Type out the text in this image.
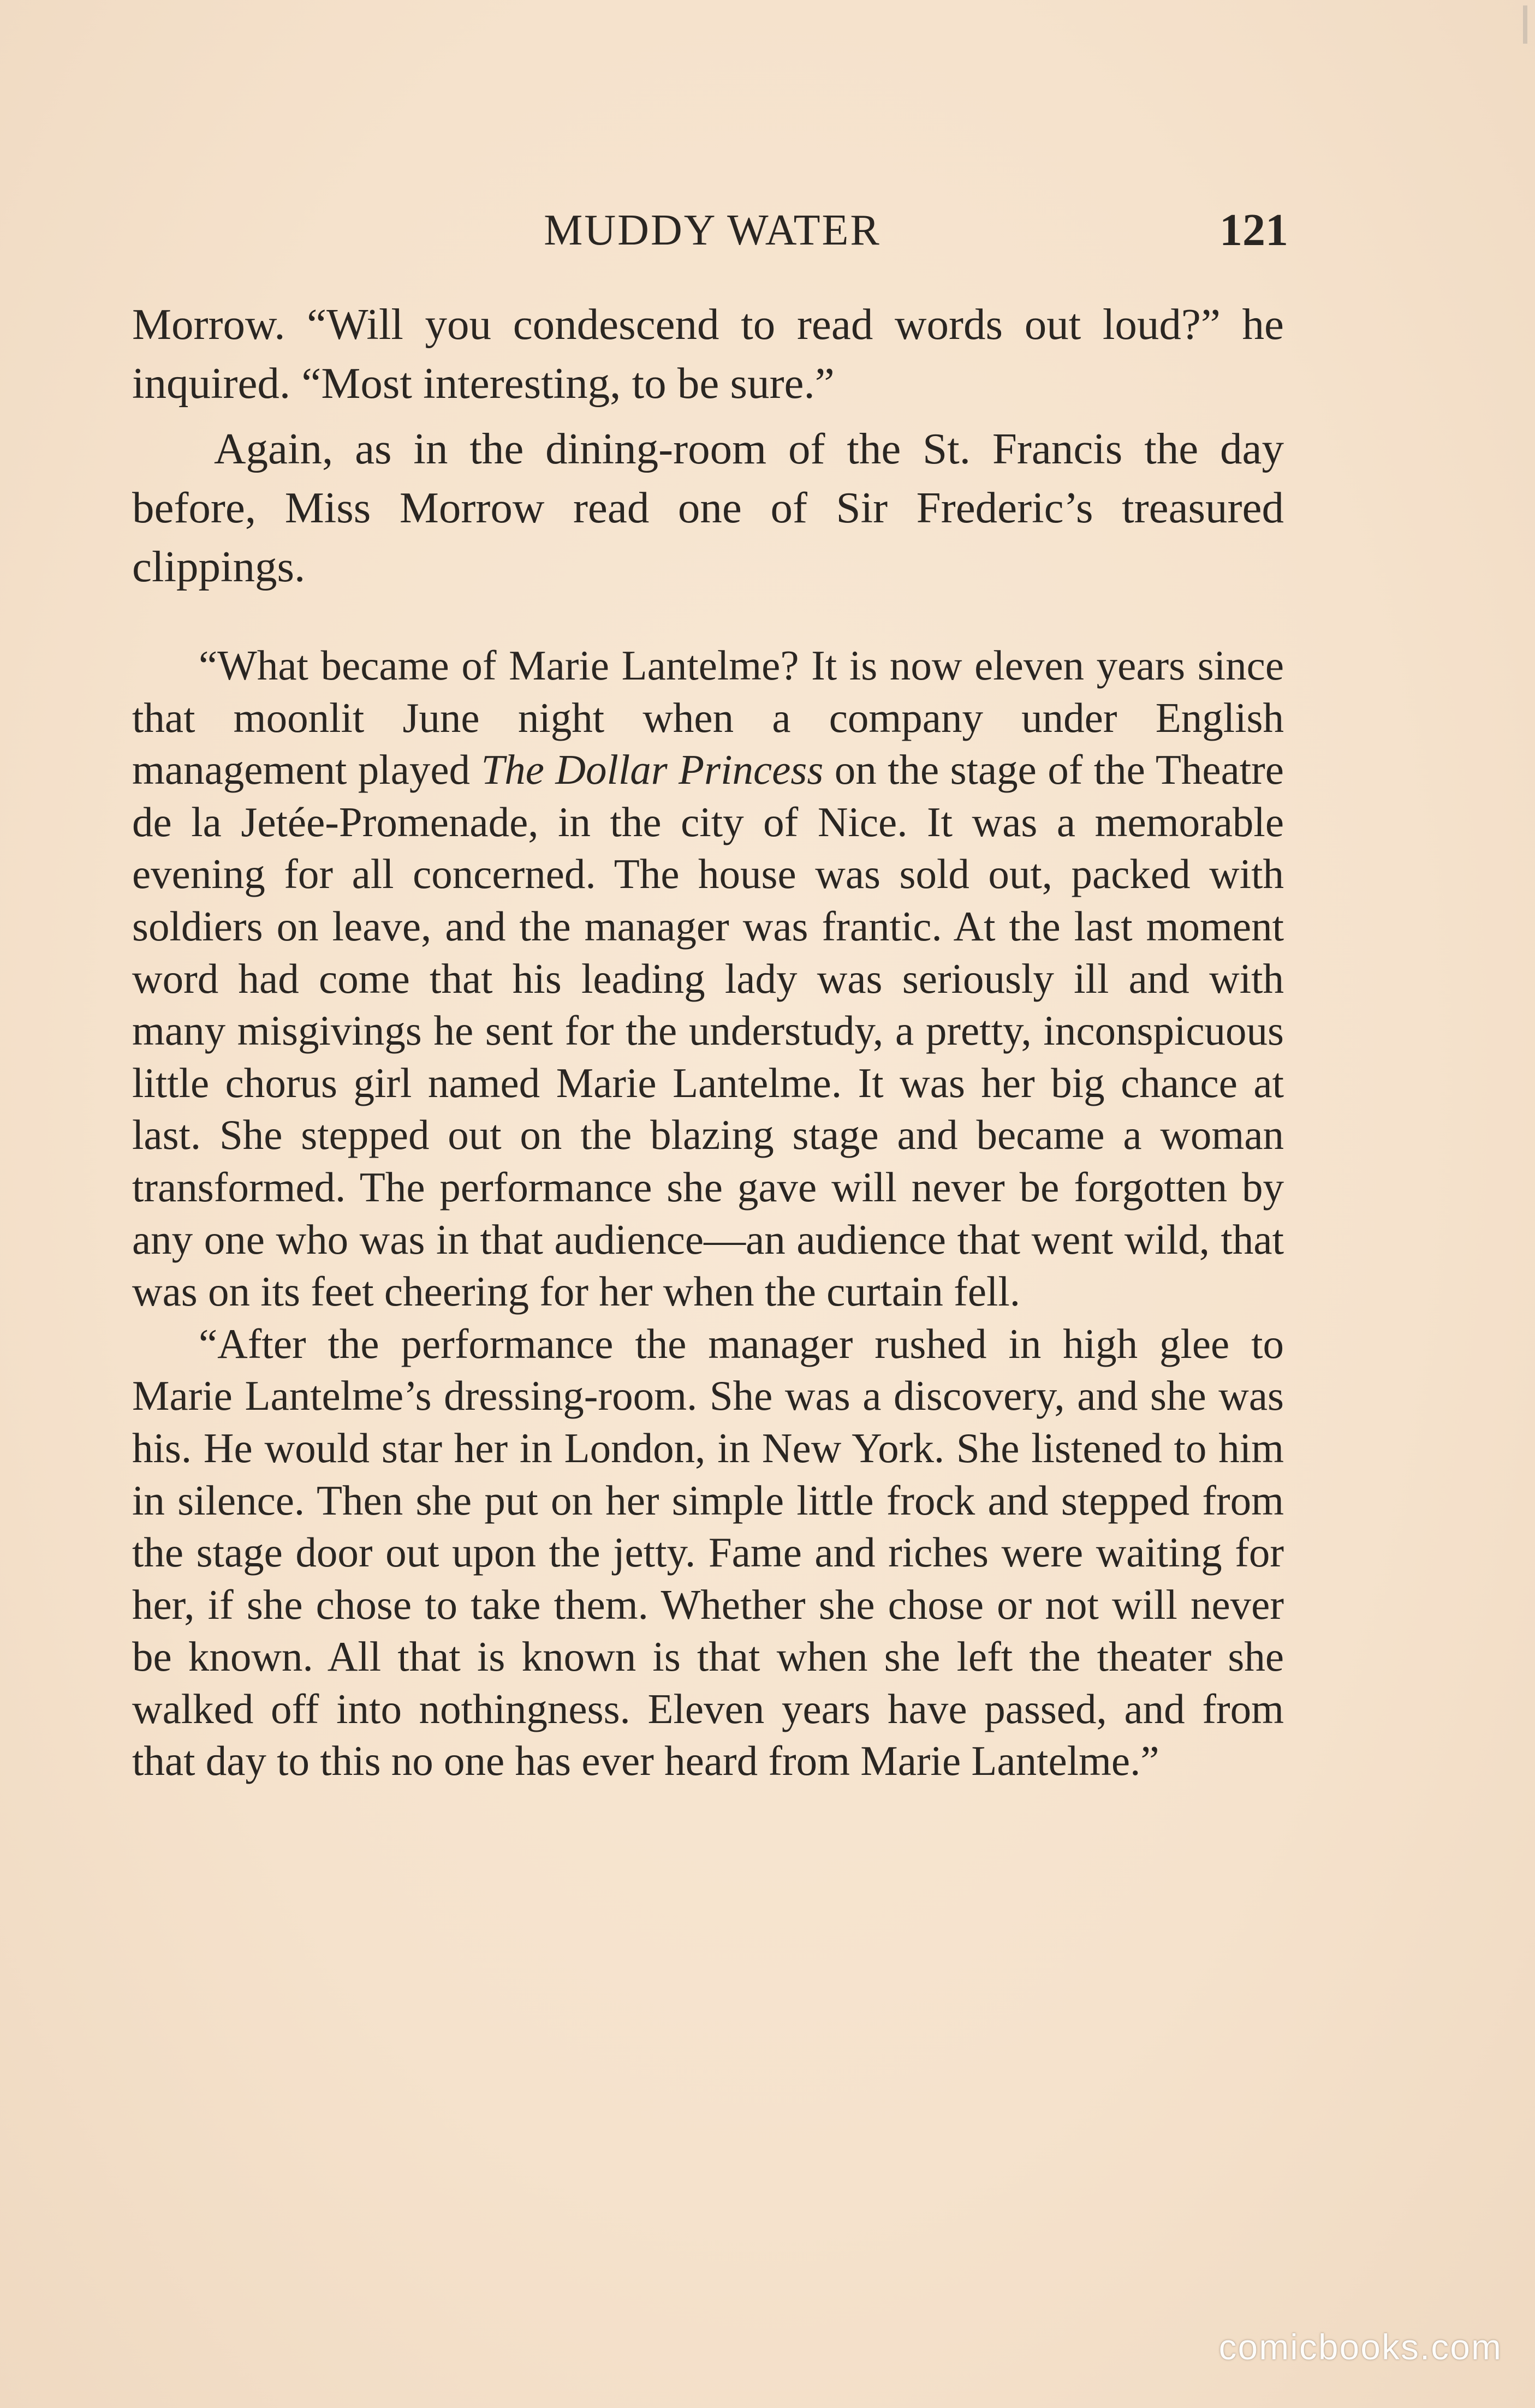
MUDDY WATER	121

Morrow. “Will you condescend to read words out loud?” he inquired. “Most interesting, to be sure.”

Again, as in the dining-room of the St. Francis the day before, Miss Morrow read one of Sir Frederic’s treasured clippings.

“What became of Marie Lantelme? It is now eleven years since that moonlit June night when a company under English management played The Dollar Princess on the stage of the Theatre de la Jetée-Promenade, in the city of Nice. It was a memorable evening for all concerned. The house was sold out, packed with soldiers on leave, and the manager was frantic. At the last moment word had come that his leading lady was seriously ill and with many misgivings he sent for the understudy, a pretty, inconspicuous little chorus girl named Marie Lantelme. It was her big chance at last. She stepped out on the blazing stage and became a woman transformed. The performance she gave will never be forgotten by any one who was in that audience—an audience that went wild, that was on its feet cheering for her when the curtain fell.

“After the performance the manager rushed in high glee to Marie Lantelme’s dressing-room. She was a discovery, and she was his. He would star her in London, in New York. She listened to him in silence. Then she put on her simple little frock and stepped from the stage door out upon the jetty. Fame and riches were waiting for her, if she chose to take them. Whether she chose or not will never be known. All that is known is that when she left the theater she walked off into nothingness. Eleven years have passed, and from that day to this no one has ever heard from Marie Lantelme.”

comicbooks.com
